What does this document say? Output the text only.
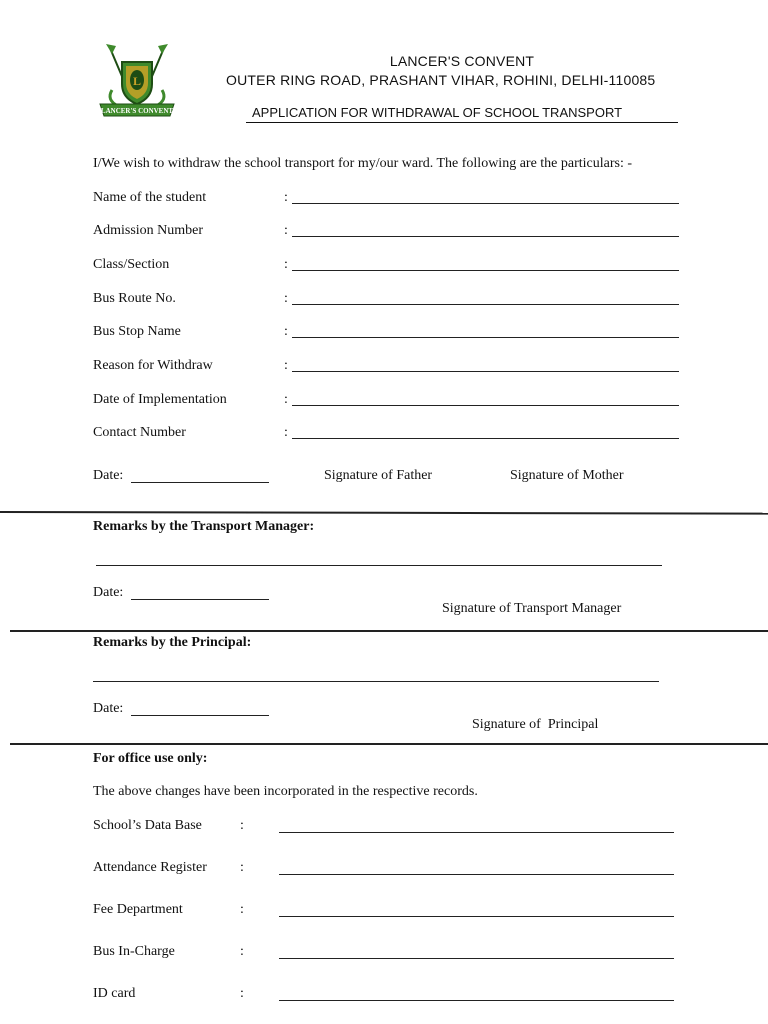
L
LANCER'S CONVENT
LANCER'S CONVENT
OUTER RING ROAD, PRASHANT VIHAR, ROHINI, DELHI-110085
APPLICATION FOR WITHDRAWAL OF SCHOOL TRANSPORT
I/We wish to withdraw the school transport for my/our ward. The following are the particulars: -
Name of the student	:
Admission Number	:
Class/Section	:
Bus Route No.	:
Bus Stop Name	:
Reason for Withdraw	:
Date of Implementation	:
Contact Number	:
Date:	Signature of Father	Signature of Mother
Remarks by the Transport Manager:
Date:
Signature of Transport Manager
Remarks by the Principal:
Date:
Signature of  Principal
For office use only:
The above changes have been incorporated in the respective records.
School’s Data Base	:
Attendance Register :
Fee Department	:
Bus In-Charge	:
ID card	:
